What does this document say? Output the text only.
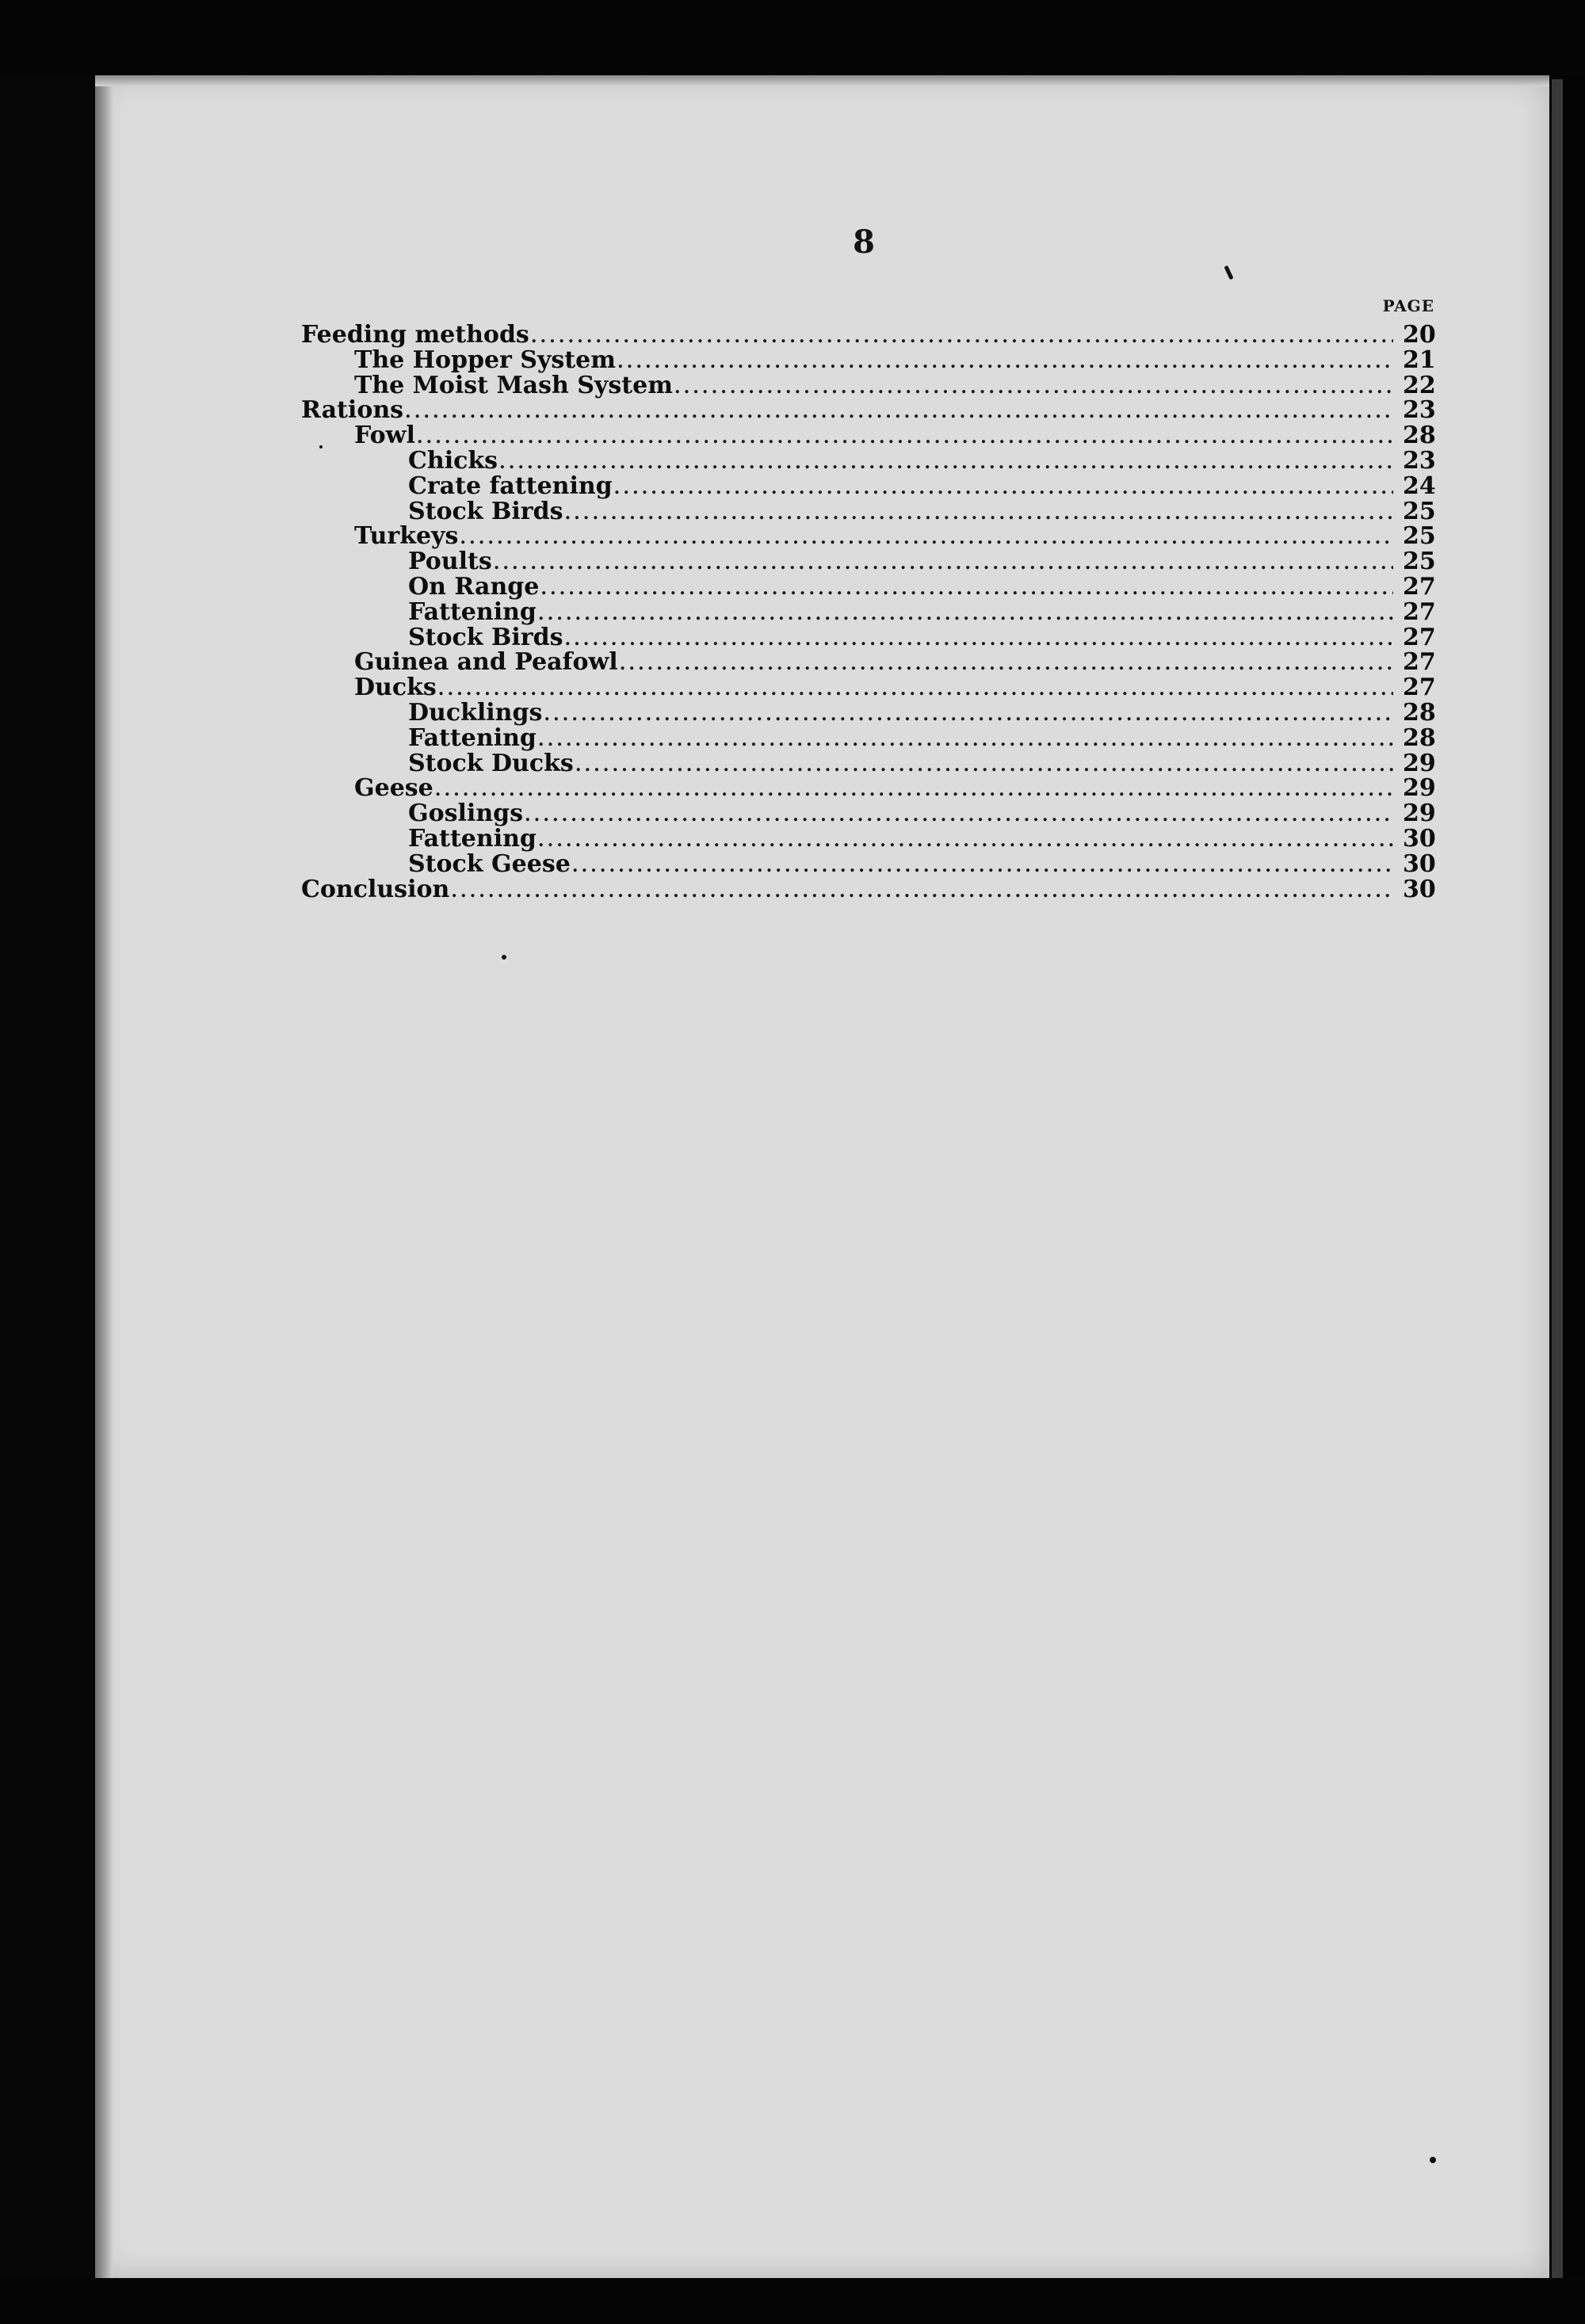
8
PAGE
Feeding methods .....	20
The Hopper System .....	21
The Moist Mash System .....	22
Rations .....	23
Fowl .....	28
Chicks .....	23
Crate fattening .....	24
Stock Birds .....	25
Turkeys .....	25
Poults .....	25
On Range .....	27
Fattening .....	27
Stock Birds .....	27
Guinea and Peafowl .....	27
Ducks .....	27
Ducklings .....	28
Fattening .....	28
Stock Ducks .....	29
Geese .....	29
Goslings .....	29
Fattening .....	30
Stock Geese .....	30
Conclusion .....	30
